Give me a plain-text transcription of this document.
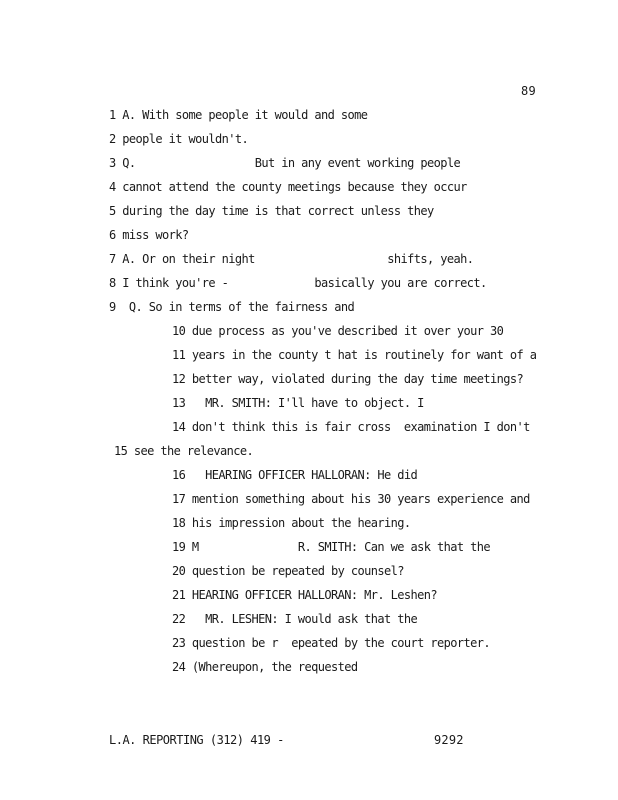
89
1 A. With some people it would and some
2 people it wouldn't.
3 Q.                  But in any event working people
4 cannot attend the county meetings because they occur
5 during the day time is that correct unless they
6 miss work?
7 A. Or on their night                    shifts, yeah.
8 I think you're -             basically you are correct.
9  Q. So in terms of the fairness and
10 due process as you've described it over your 30
11 years in the county t hat is routinely for want of a
12 better way, violated during the day time meetings?
13   MR. SMITH: I'll have to object. I
14 don't think this is fair cross  examination I don't
15 see the relevance.
16   HEARING OFFICER HALLORAN: He did
17 mention something about his 30 years experience and
18 his impression about the hearing.
19 M               R. SMITH: Can we ask that the
20 question be repeated by counsel?
21 HEARING OFFICER HALLORAN: Mr. Leshen?
22   MR. LESHEN: I would ask that the
23 question be r  epeated by the court reporter.
24 (Whereupon, the requested
L.A. REPORTING (312) 419 -	9292
